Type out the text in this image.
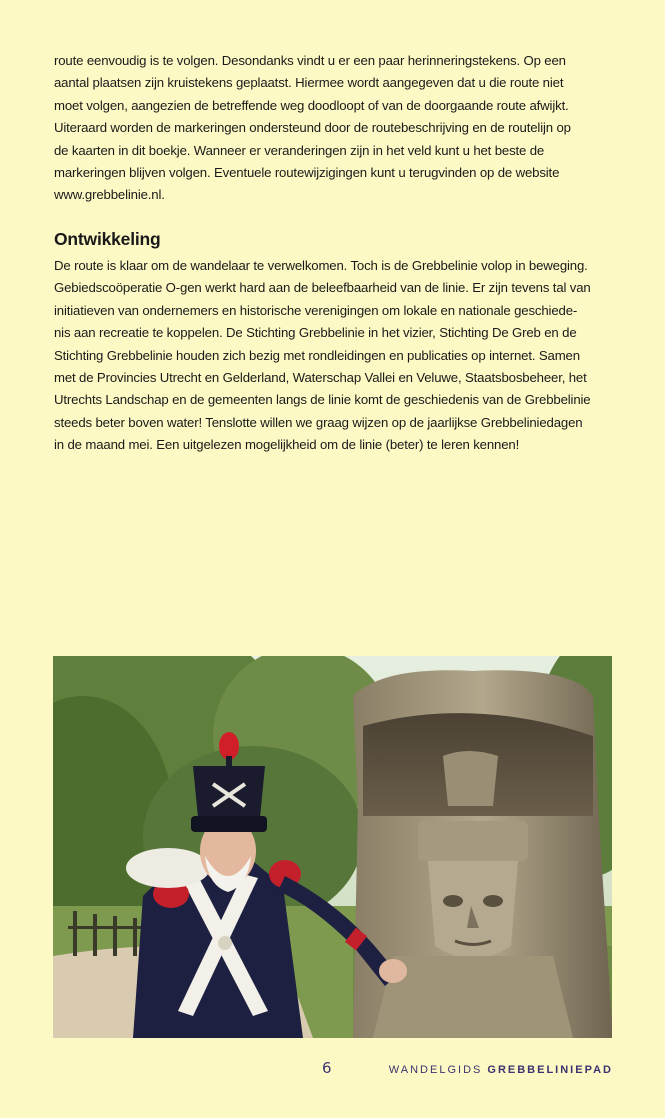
route eenvoudig is te volgen. Desondanks vindt u er een paar herinneringstekens. Op een
aantal plaatsen zijn kruistekens geplaatst. Hiermee wordt aangegeven dat u die route niet
moet volgen, aangezien de betreffende weg doodloopt of van de doorgaande route afwijkt.
Uiteraard worden de markeringen ondersteund door de routebeschrijving en de routelijn op
de kaarten in dit boekje. Wanneer er veranderingen zijn in het veld kunt u het beste de
markeringen blijven volgen. Eventuele routewijzigingen kunt u terugvinden op de website
www.grebbelinie.nl.
Ontwikkeling
De route is klaar om de wandelaar te verwelkomen. Toch is de Grebbelinie volop in beweging.
Gebiedscoöperatie O-gen werkt hard aan de beleefbaarheid van de linie. Er zijn tevens tal van
initiatieven van ondernemers en historische verenigingen om lokale en nationale geschiede-
nis aan recreatie te koppelen. De Stichting Grebbelinie in het vizier, Stichting De Greb en de
Stichting Grebbelinie houden zich bezig met rondleidingen en publicaties op internet. Samen
met de Provincies Utrecht en Gelderland, Waterschap Vallei en Veluwe, Staatsbosbeheer, het
Utrechts Landschap en de gemeenten langs de linie komt de geschiedenis van de Grebbelinie
steeds beter boven water! Tenslotte willen we graag wijzen op de jaarlijkse Grebbeliniedagen
in de maand mei. Een uitgelezen mogelijkheid om de linie (beter) te leren kennen!
6	WANDELGIDS GREBBELINIEPAD
